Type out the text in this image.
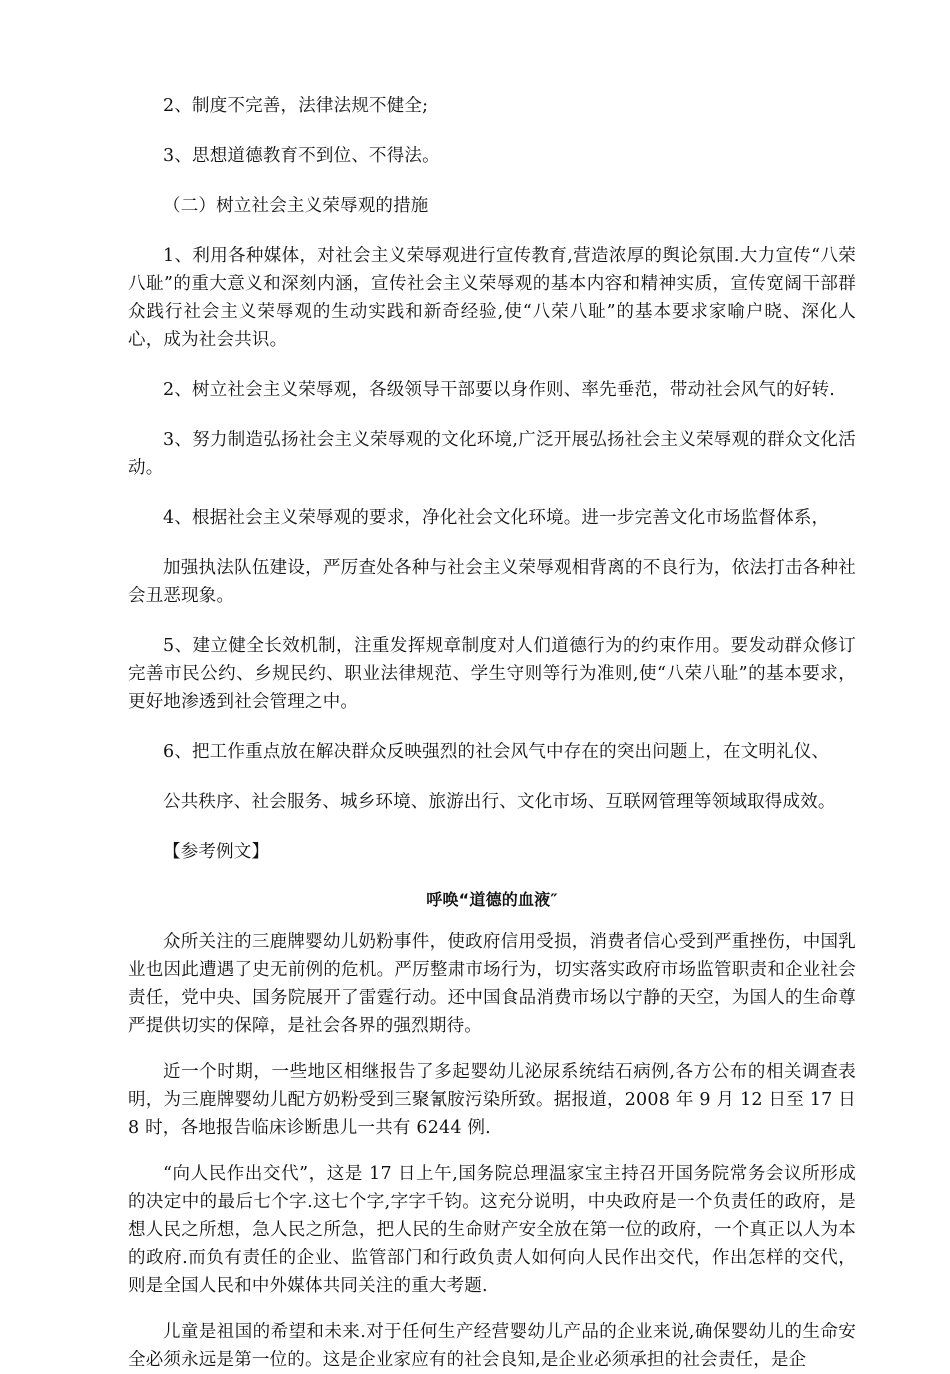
2、制度不完善，法律法规不健全;

3、思想道德教育不到位、不得法。

（二）树立社会主义荣辱观的措施

1、利用各种媒体，对社会主义荣辱观进行宣传教育,营造浓厚的舆论氛围.大力宣传“八荣八耻”的重大意义和深刻内涵，宣传社会主义荣辱观的基本内容和精神实质，宣传宽阔干部群众践行社会主义荣辱观的生动实践和新奇经验,使“八荣八耻”的基本要求家喻户晓、深化人心，成为社会共识。

2、树立社会主义荣辱观，各级领导干部要以身作则、率先垂范，带动社会风气的好转.

3、努力制造弘扬社会主义荣辱观的文化环境,广泛开展弘扬社会主义荣辱观的群众文化活动。

4、根据社会主义荣辱观的要求，净化社会文化环境。进一步完善文化市场监督体系，

加强执法队伍建设，严厉查处各种与社会主义荣辱观相背离的不良行为，依法打击各种社会丑恶现象。

5、建立健全长效机制，注重发挥规章制度对人们道德行为的约束作用。要发动群众修订完善市民公约、乡规民约、职业法律规范、学生守则等行为准则,使“八荣八耻”的基本要求，更好地渗透到社会管理之中。

6、把工作重点放在解决群众反映强烈的社会风气中存在的突出问题上，在文明礼仪、

公共秩序、社会服务、城乡环境、旅游出行、文化市场、互联网管理等领域取得成效。

【参考例文】

呼唤“道德的血液″

众所关注的三鹿牌婴幼儿奶粉事件，使政府信用受损，消费者信心受到严重挫伤，中国乳业也因此遭遇了史无前例的危机。严厉整肃市场行为，切实落实政府市场监管职责和企业社会责任，党中央、国务院展开了雷霆行动。还中国食品消费市场以宁静的天空，为国人的生命尊严提供切实的保障，是社会各界的强烈期待。

近一个时期，一些地区相继报告了多起婴幼儿泌尿系统结石病例,各方公布的相关调查表明，为三鹿牌婴幼儿配方奶粉受到三聚氰胺污染所致。据报道，2008 年 9 月 12 日至 17 日 8 时，各地报告临床诊断患儿一共有 6244 例.

“向人民作出交代”，这是 17 日上午,国务院总理温家宝主持召开国务院常务会议所形成的决定中的最后七个字.这七个字,字字千钧。这充分说明，中央政府是一个负责任的政府，是想人民之所想，急人民之所急，把人民的生命财产安全放在第一位的政府，一个真正以人为本的政府.而负有责任的企业、监管部门和行政负责人如何向人民作出交代，作出怎样的交代，则是全国人民和中外媒体共同关注的重大考题.

儿童是祖国的希望和未来.对于任何生产经营婴幼儿产品的企业来说,确保婴幼儿的生命安全必须永远是第一位的。这是企业家应有的社会良知,是企业必须承担的社会责任，是企
